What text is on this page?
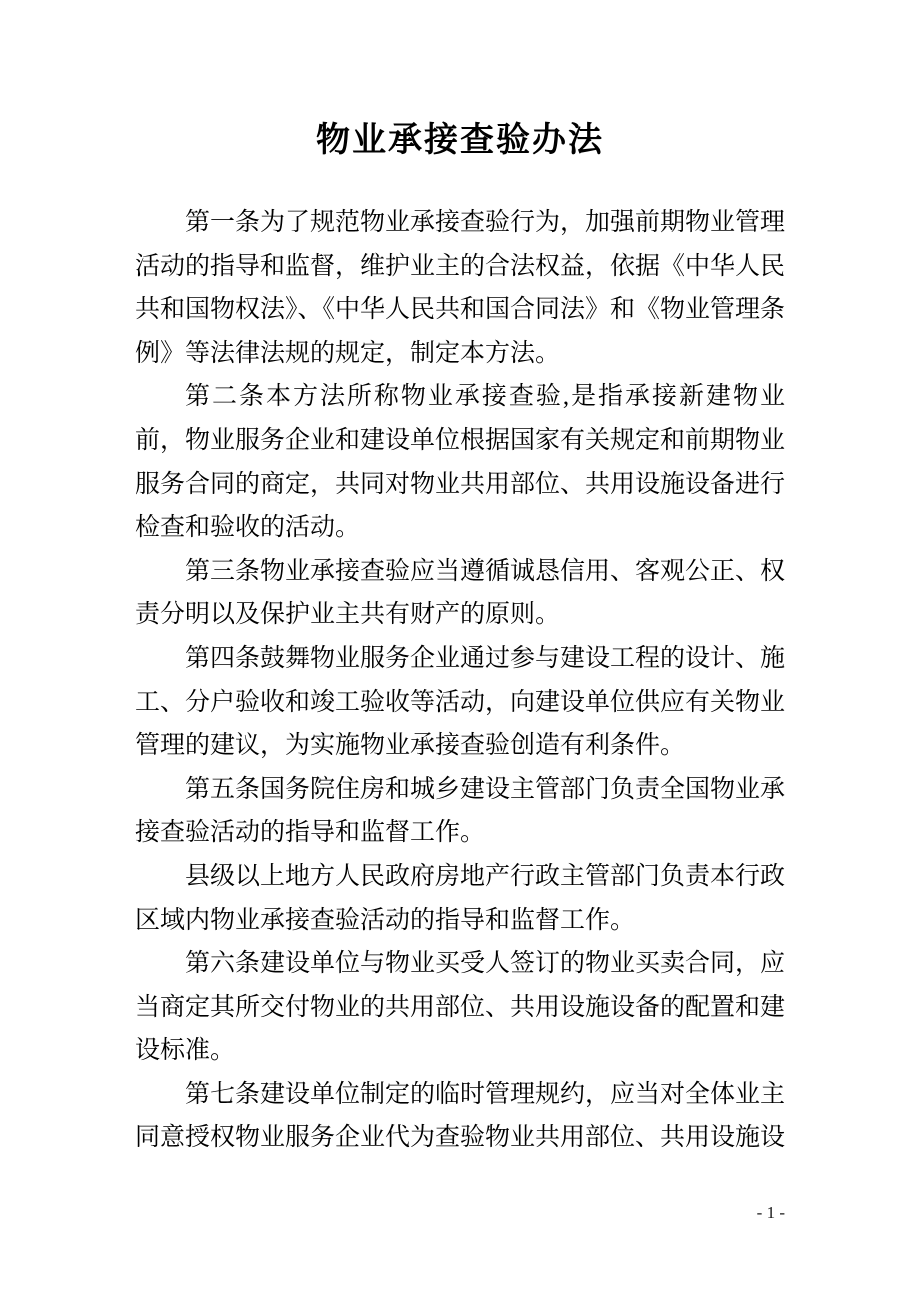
物业承接查验办法

第一条为了规范物业承接查验行为，加强前期物业管理活动的指导和监督，维护业主的合法权益，依据《中华人民共和国物权法》、《中华人民共和国合同法》和《物业管理条例》等法律法规的规定，制定本方法。

第二条本方法所称物业承接查验,是指承接新建物业前，物业服务企业和建设单位根据国家有关规定和前期物业服务合同的商定，共同对物业共用部位、共用设施设备进行检查和验收的活动。

第三条物业承接查验应当遵循诚恳信用、客观公正、权责分明以及保护业主共有财产的原则。

第四条鼓舞物业服务企业通过参与建设工程的设计、施工、分户验收和竣工验收等活动，向建设单位供应有关物业管理的建议，为实施物业承接查验创造有利条件。

第五条国务院住房和城乡建设主管部门负责全国物业承接查验活动的指导和监督工作。

县级以上地方人民政府房地产行政主管部门负责本行政区域内物业承接查验活动的指导和监督工作。

第六条建设单位与物业买受人签订的物业买卖合同，应当商定其所交付物业的共用部位、共用设施设备的配置和建设标准。

第七条建设单位制定的临时管理规约，应当对全体业主同意授权物业服务企业代为查验物业共用部位、共用设施设

- 1 -
